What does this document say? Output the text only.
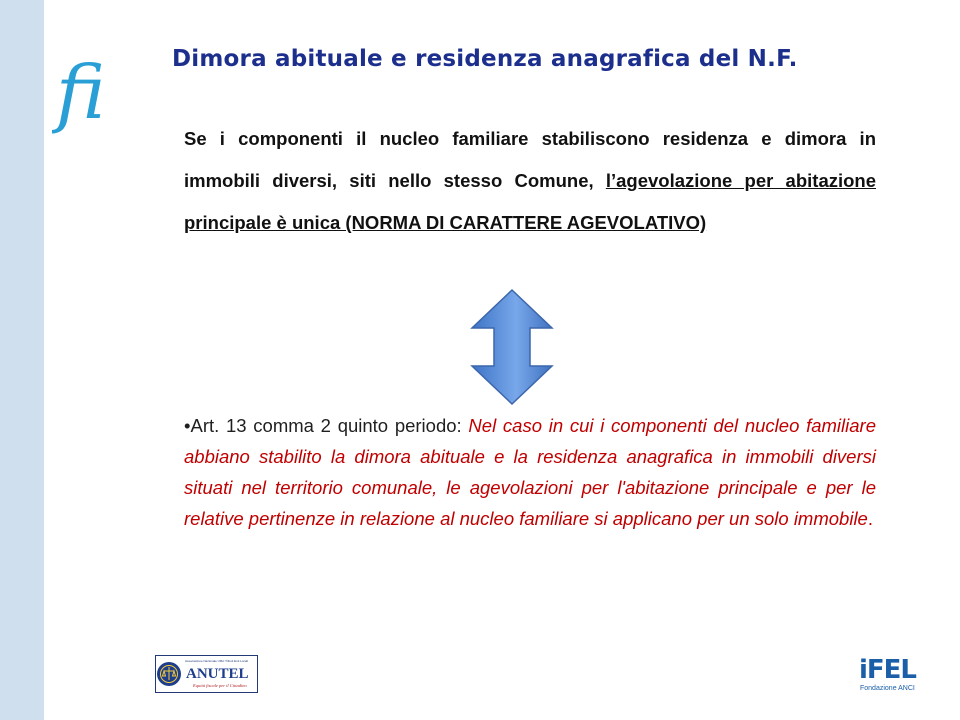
fi	Dimora abituale e residenza anagrafica del N.F.

Se i componenti il nucleo familiare stabiliscono residenza e dimora in immobili diversi, siti nello stesso Comune, l’agevolazione per abitazione principale è unica (NORMA DI CARATTERE AGEVOLATIVO)

•Art. 13 comma 2 quinto periodo: Nel caso in cui i componenti del nucleo familiare abbiano stabilito la dimora abituale e la residenza anagrafica in immobili diversi situati nel territorio comunale, le agevolazioni per l'abitazione principale e per le relative pertinenze in relazione al nucleo familiare si applicano per un solo immobile.

Associazione Nazionale Uffici Tributi Enti Locali
ANUTEL
Equità fiscale per il Cittadino
iFEL
Fondazione ANCI
